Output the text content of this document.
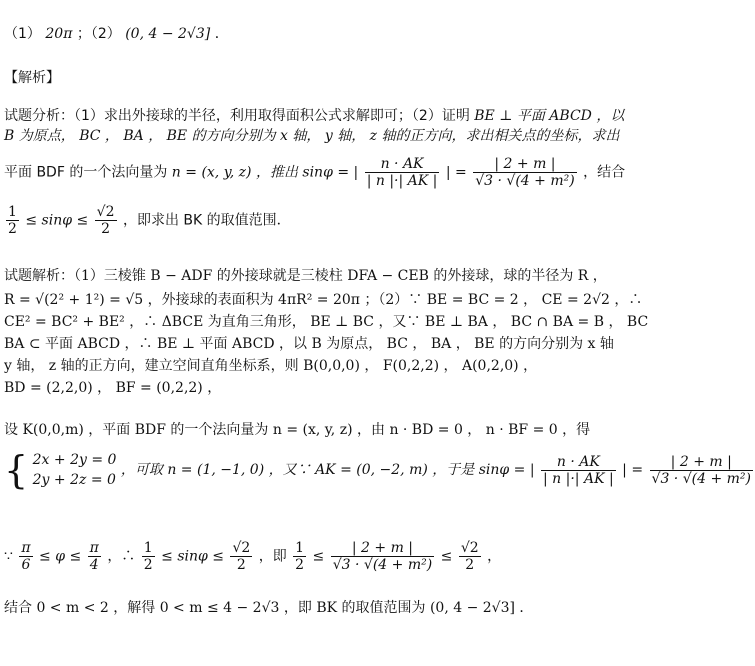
（1） 20π ；（2） (0, 4 − 2√3] ．
【解析】
试题分析：（1）求出外接球的半径，利用取得面积公式求解即可；（2）证明 BE ⊥ 平面 ABCD ，以
B 为原点， BC ， BA ， BE 的方向分别为 x 轴， y 轴， z 轴的正方向，求出相关点的坐标，求出
平面 BDF 的一个法向量为 n = (x, y, z) ，推出 sinφ = | $\frac{n \cdot AK}{| n |\cdot| AK |}$ | = $\frac{| 2 + m |}{\text{√3 · √(4 + m²)}}$ ，结合
$\frac{1}{2} \le \sin\varphi \le \frac{√2}{2}$ ，即求出 BK 的取值范围．
试题解析：（1）三棱锥 B − ADF 的外接球就是三棱柱 DFA − CEB 的外接球，球的半径为 R ，
R = √(2² + 1²) = √5 ，外接球的表面积为 4πR² = 20π ；（2）∵ BE = BC = 2 ， CE = 2√2 ，∴
CE² = BC² + BE² ，∴ ΔBCE 为直角三角形， BE ⊥ BC ，又∵ BE ⊥ BA ， BC ∩ BA = B ， BC
BA ⊂ 平面 ABCD ，∴ BE ⊥ 平面 ABCD ，以 B 为原点， BC ， BA ， BE 的方向分别为 x 轴
y 轴， z 轴的正方向，建立空间直角坐标系，则 B(0,0,0) ， F(0,2,2) ， A(0,2,0) ，
BD = (2,2,0) ， BF = (0,2,2) ，
设 K(0,0,m) ，平面 BDF 的一个法向量为 n = (x, y, z) ，由 n · BD = 0 ， n · BF = 0 ，得
{ 2x + 2y = 0
2y + 2z = 0
，可取 n = (1, −1, 0) ，又∵ AK = (0, −2, m) ，于是 sinφ = | $\frac{n \cdot AK}{| n |\cdot| AK |}$ | = $\frac{| 2 + m |}{\text{√3 · √(4 + m²)}}$
∵ $\frac{\pi}{6} \le \varphi \le \frac{\pi}{4}$ ，∴ $\frac{1}{2} \le \sin\varphi \le \frac{√2}{2}$ ，即 $\frac{1}{2} \le \frac{| 2 + m |}{\text{√3 · √(4 + m²)}} \le \frac{√2}{2}$ ，
结合 0 < m < 2 ，解得 0 < m ≤ 4 − 2√3 ，即 BK 的取值范围为 (0, 4 − 2√3] ．
